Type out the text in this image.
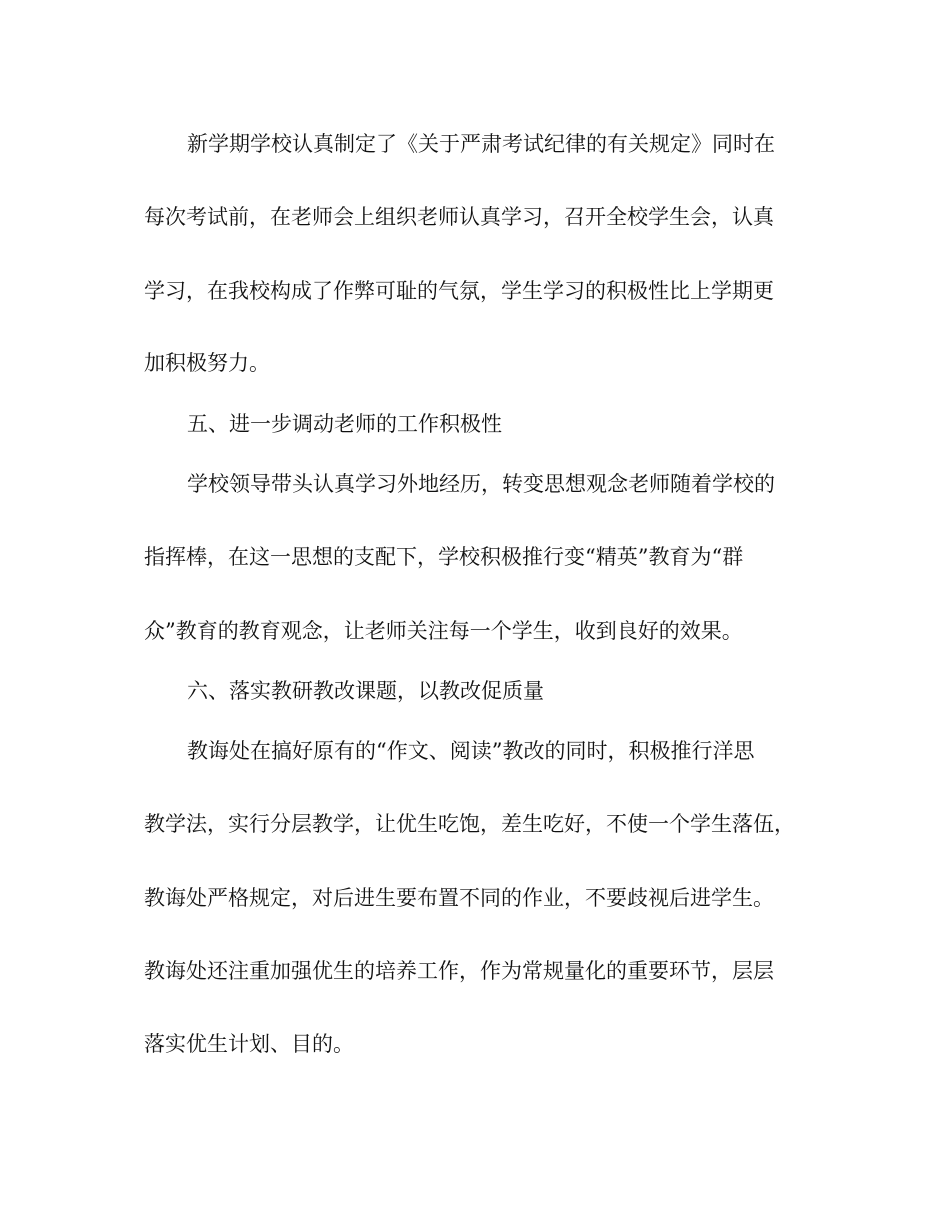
新学期学校认真制定了《关于严肃考试纪律的有关规定》同时在

每次考试前，在老师会上组织老师认真学习，召开全校学生会，认真

学习，在我校构成了作弊可耻的气氛，学生学习的积极性比上学期更

加积极努力。

五、进一步调动老师的工作积极性

学校领导带头认真学习外地经历，转变思想观念老师随着学校的

指挥棒，在这一思想的支配下，学校积极推行变“精英”教育为“群

众”教育的教育观念，让老师关注每一个学生，收到良好的效果。

六、落实教研教改课题，以教改促质量

教诲处在搞好原有的“作文、阅读”教改的同时，积极推行洋思

教学法，实行分层教学，让优生吃饱，差生吃好，不使一个学生落伍，

教诲处严格规定，对后进生要布置不同的作业，不要歧视后进学生。

教诲处还注重加强优生的培养工作，作为常规量化的重要环节，层层

落实优生计划、目的。
